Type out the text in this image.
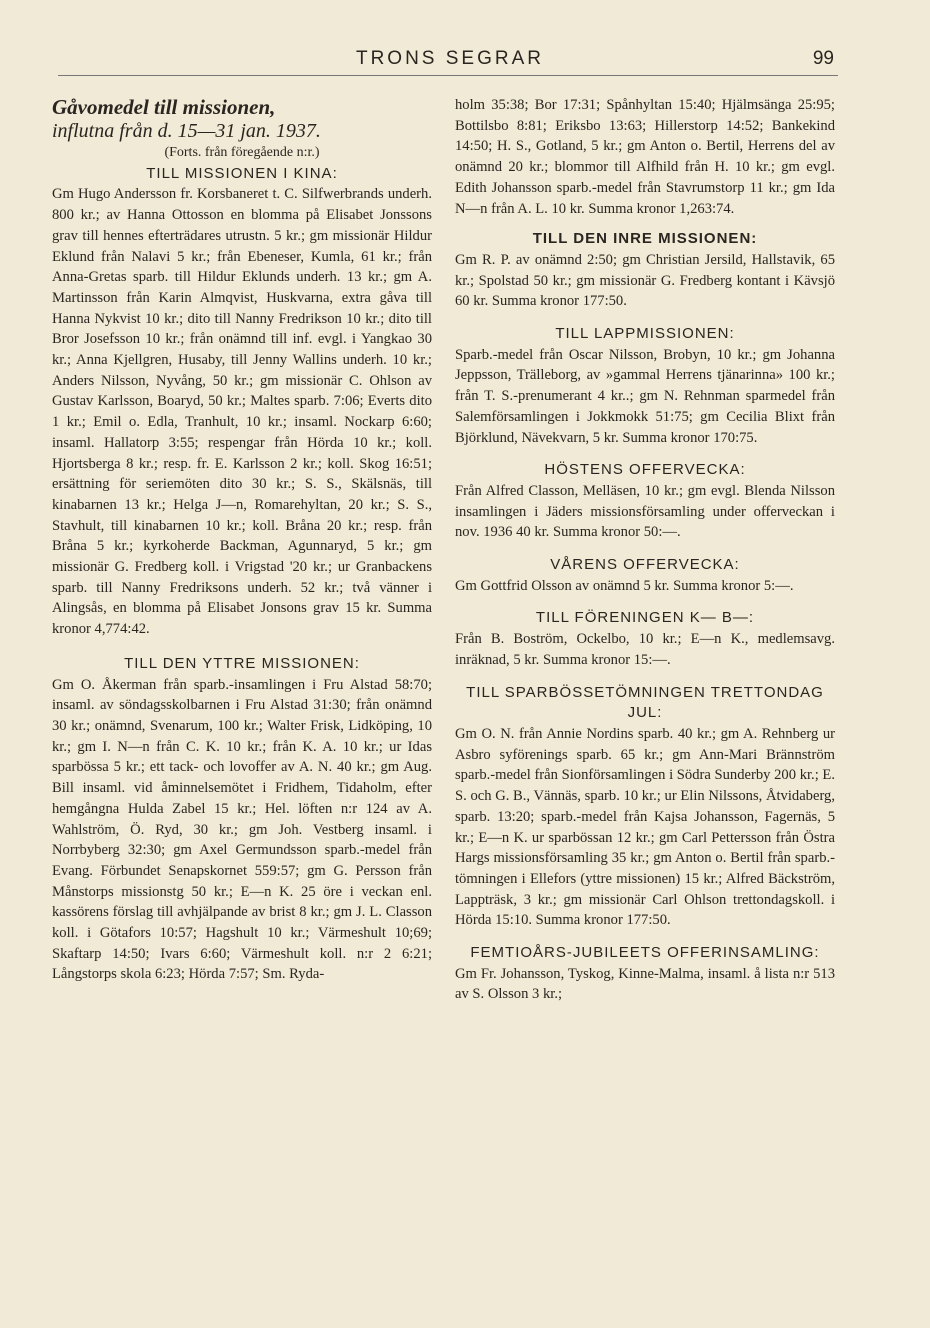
TRONS SEGRAR	99

Gåvomedel till missionen,

influtna från d. 15—31 jan. 1937.

(Forts. från föregående n:r.)

TILL MISSIONEN I KINA:

Gm Hugo Andersson fr. Korsbaneret t. C. Silfwerbrands underh. 800 kr.; av Hanna Ottosson en blomma på Elisabet Jonssons grav till hennes efterträdares utrustn. 5 kr.; gm missionär Hildur Eklund från Nalavi 5 kr.; från Ebeneser, Kumla, 61 kr.; från Anna-Gretas sparb. till Hildur Eklunds underh. 13 kr.; gm A. Martinsson från Karin Almqvist, Huskvarna, extra gåva till Hanna Nykvist 10 kr.; dito till Nanny Fredrikson 10 kr.; dito till Bror Josefsson 10 kr.; från onämnd till inf. evgl. i Yangkao 30 kr.; Anna Kjellgren, Husaby, till Jenny Wallins underh. 10 kr.; Anders Nilsson, Nyvång, 50 kr.; gm missionär C. Ohlson av Gustav Karlsson, Boaryd, 50 kr.; Maltes sparb. 7:06; Everts dito 1 kr.; Emil o. Edla, Tranhult, 10 kr.; insaml. Nockarp 6:60; insaml. Hallatorp 3:55; respengar från Hörda 10 kr.; koll. Hjortsberga 8 kr.; resp. fr. E. Karlsson 2 kr.; koll. Skog 16:51; ersättning för seriemöten dito 30 kr.; S. S., Skälsnäs, till kinabarnen 13 kr.; Helga J—n, Romarehyltan, 20 kr.; S. S., Stavhult, till kinabarnen 10 kr.; koll. Bråna 20 kr.; resp. från Bråna 5 kr.; kyrkoherde Backman, Agunnaryd, 5 kr.; gm missionär G. Fredberg koll. i Vrigstad '20 kr.; ur Granbackens sparb. till Nanny Fredriksons underh. 52 kr.; två vänner i Alingsås, en blomma på Elisabet Jonsons grav 15 kr. Summa kronor 4,774:42.

TILL DEN YTTRE MISSIONEN:

Gm O. Åkerman från sparb.-insamlingen i Fru Alstad 58:70; insaml. av söndagsskolbarnen i Fru Alstad 31:30; från onämnd 30 kr.; onämnd, Svenarum, 100 kr.; Walter Frisk, Lidköping, 10 kr.; gm I. N—n från C. K. 10 kr.; från K. A. 10 kr.; ur Idas sparbössa 5 kr.; ett tack- och lovoffer av A. N. 40 kr.; gm Aug. Bill insaml. vid åminnelsemötet i Fridhem, Tidaholm, efter hemgångna Hulda Zabel 15 kr.; Hel. löften n:r 124 av A. Wahlström, Ö. Ryd, 30 kr.; gm Joh. Vestberg insaml. i Norrbyberg 32:30; gm Axel Germundsson sparb.-medel från Evang. Förbundet Senapskornet 559:57; gm G. Persson från Månstorps missionstg 50 kr.; E—n K. 25 öre i veckan enl. kassörens förslag till avhjälpande av brist 8 kr.; gm J. L. Classon koll. i Götafors 10:57; Hagshult 10 kr.; Värmeshult 10;69; Skaftarp 14:50; Ivars 6:60; Värmeshult koll. n:r 2 6:21; Långstorps skola 6:23; Hörda 7:57; Sm. Ryda-

holm 35:38; Bor 17:31; Spånhyltan 15:40; Hjälmsänga 25:95; Bottilsbo 8:81; Eriksbo 13:63; Hillerstorp 14:52; Bankekind 14:50; H. S., Gotland, 5 kr.; gm Anton o. Bertil, Herrens del av onämnd 20 kr.; blommor till Alfhild från H. 10 kr.; gm evgl. Edith Johansson sparb.-medel från Stavrumstorp 11 kr.; gm Ida N—n från A. L. 10 kr. Summa kronor 1,263:74.

TILL DEN INRE MISSIONEN:

Gm R. P. av onämnd 2:50; gm Christian Jersild, Hallstavik, 65 kr.; Spolstad 50 kr.; gm missionär G. Fredberg kontant i Kävsjö 60 kr. Summa kronor 177:50.

TILL LAPPMISSIONEN:

Sparb.-medel från Oscar Nilsson, Brobyn, 10 kr.; gm Johanna Jeppsson, Trälleborg, av »gammal Herrens tjänarinna» 100 kr.; från T. S.-prenumerant 4 kr..; gm N. Rehnman sparmedel från Salemförsamlingen i Jokkmokk 51:75; gm Cecilia Blixt från Björklund, Nävekvarn, 5 kr. Summa kronor 170:75.

HÖSTENS OFFERVECKA:

Från Alfred Classon, Melläsen, 10 kr.; gm evgl. Blenda Nilsson insamlingen i Jäders missionsförsamling under offerveckan i nov. 1936 40 kr. Summa kronor 50:—.

VÅRENS OFFERVECKA:

Gm Gottfrid Olsson av onämnd 5 kr. Summa kronor 5:—.

TILL FÖRENINGEN K— B—:

Från B. Boström, Ockelbo, 10 kr.; E—n K., medlemsavg. inräknad, 5 kr. Summa kronor 15:—.

TILL SPARBÖSSETÖMNINGEN TRETTONDAG JUL:

Gm O. N. från Annie Nordins sparb. 40 kr.; gm A. Rehnberg ur Asbro syförenings sparb. 65 kr.; gm Ann-Mari Brännström sparb.-medel från Sionförsamlingen i Södra Sunderby 200 kr.; E. S. och G. B., Vännäs, sparb. 10 kr.; ur Elin Nilssons, Åtvidaberg, sparb. 13:20; sparb.-medel från Kajsa Johansson, Fagernäs, 5 kr.; E—n K. ur sparbössan 12 kr.; gm Carl Pettersson från Östra Hargs missionsförsamling 35 kr.; gm Anton o. Bertil från sparb.-tömningen i Ellefors (yttre missionen) 15 kr.; Alfred Bäckström, Lappträsk, 3 kr.; gm missionär Carl Ohlson trettondagskoll. i Hörda 15:10. Summa kronor 177:50.

FEMTIOÅRS-JUBILEETS OFFERINSAMLING:

Gm Fr. Johansson, Tyskog, Kinne-Malma, insaml. å lista n:r 513 av S. Olsson 3 kr.;
